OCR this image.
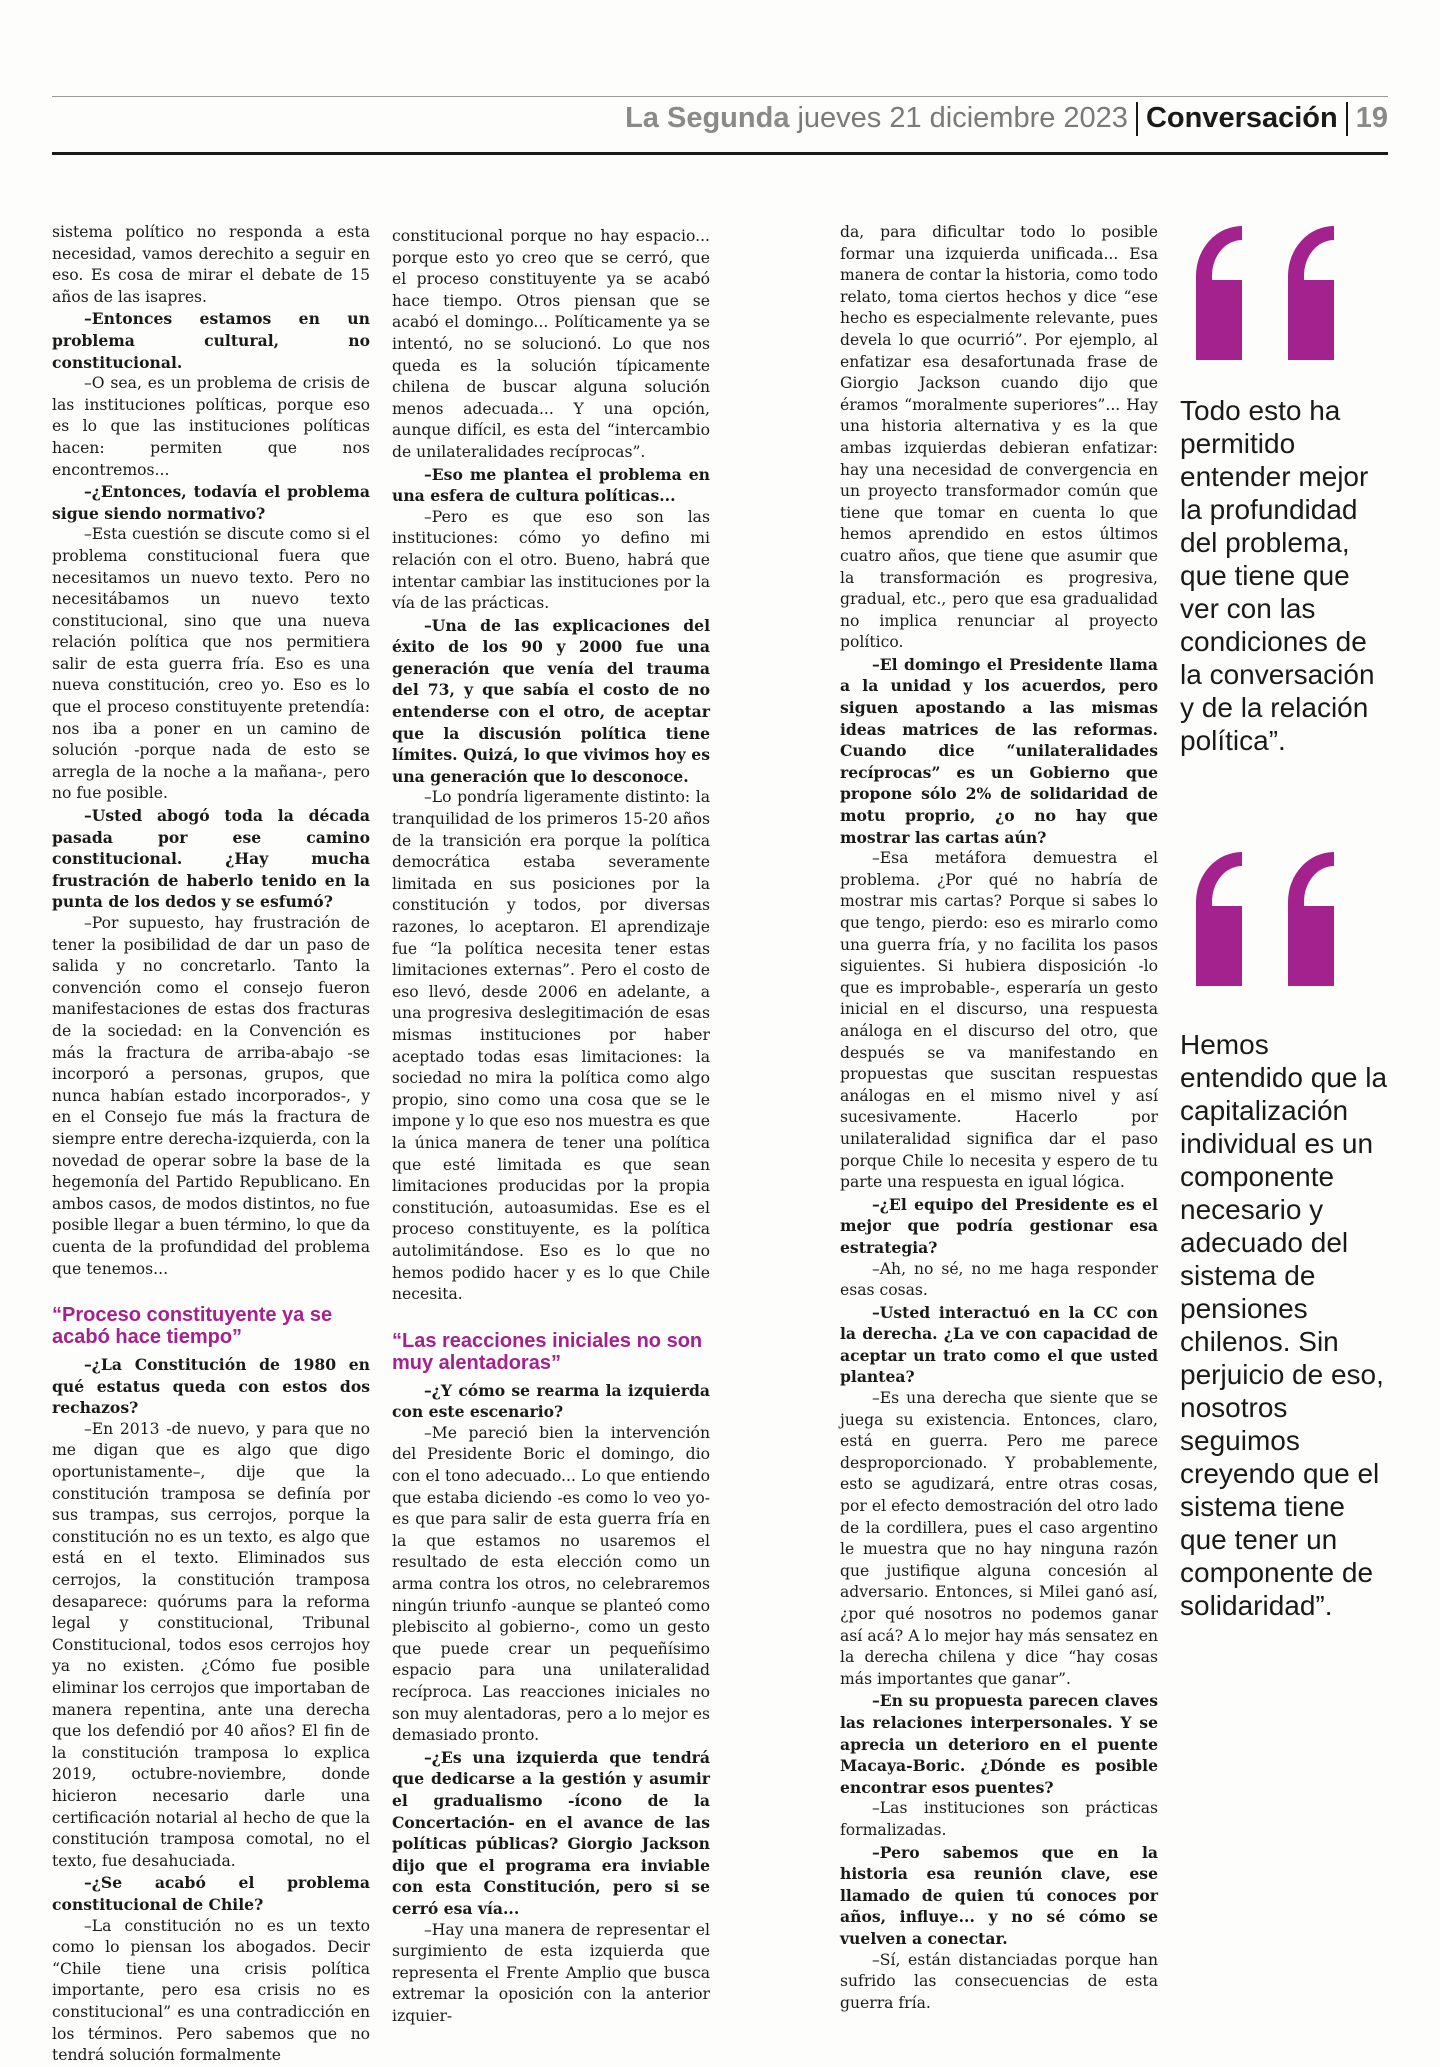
La Segunda jueves 21 diciembre 2023 Conversación 19

sistema político no responda a esta necesidad, vamos derechito a seguir en eso. Es cosa de mirar el debate de 15 años de las isapres.

–Entonces estamos en un problema cultural, no constitucional.

–O sea, es un problema de crisis de las instituciones políticas, porque eso es lo que las instituciones políticas hacen: permiten que nos encontremos...

–¿Entonces, todavía el problema sigue siendo normativo?

–Esta cuestión se discute como si el problema constitucional fuera que necesitamos un nuevo texto. Pero no necesitábamos un nuevo texto constitucional, sino que una nueva relación política que nos permitiera salir de esta guerra fría. Eso es una nueva constitución, creo yo. Eso es lo que el proceso constituyente pretendía: nos iba a poner en un camino de solución -porque nada de esto se arregla de la noche a la mañana-, pero no fue posible.

–Usted abogó toda la década pasada por ese camino constitucional. ¿Hay mucha frustración de haberlo tenido en la punta de los dedos y se esfumó?

–Por supuesto, hay frustración de tener la posibilidad de dar un paso de salida y no concretarlo. Tanto la convención como el consejo fueron manifestaciones de estas dos fracturas de la sociedad: en la Convención es más la fractura de arriba-abajo -se incorporó a personas, grupos, que nunca habían estado incorporados-, y en el Consejo fue más la fractura de siempre entre derecha-izquierda, con la novedad de operar sobre la base de la hegemonía del Partido Republicano. En ambos casos, de modos distintos, no fue posible llegar a buen término, lo que da cuenta de la profundidad del problema que tenemos...

“Proceso constituyente ya se acabó hace tiempo”

–¿La Constitución de 1980 en qué estatus queda con estos dos rechazos?

–En 2013 -de nuevo, y para que no me digan que es algo que digo oportunistamente–, dije que la constitución tramposa se definía por sus trampas, sus cerrojos, porque la constitución no es un texto, es algo que está en el texto. Eliminados sus cerrojos, la constitución tramposa desaparece: quórums para la reforma legal y constitucional, Tribunal Constitucional, todos esos cerrojos hoy ya no existen. ¿Cómo fue posible eliminar los cerrojos que importaban de manera repentina, ante una derecha que los defendió por 40 años? El fin de la constitución tramposa lo explica 2019, octubre-noviembre, donde hicieron necesario darle una certificación notarial al hecho de que la constitución tramposa comotal, no el texto, fue desahuciada.

–¿Se acabó el problema constitucional de Chile?

–La constitución no es un texto como lo piensan los abogados. Decir “Chile tiene una crisis política importante, pero esa crisis no es constitucional” es una contradicción en los términos. Pero sabemos que no tendrá solución formalmente

constitucional porque no hay espacio... porque esto yo creo que se cerró, que el proceso constituyente ya se acabó hace tiempo. Otros piensan que se acabó el domingo... Políticamente ya se intentó, no se solucionó. Lo que nos queda es la solución típicamente chilena de buscar alguna solución menos adecuada... Y una opción, aunque difícil, es esta del “intercambio de unilateralidades recíprocas”.

–Eso me plantea el problema en una esfera de cultura políticas...

–Pero es que eso son las instituciones: cómo yo defino mi relación con el otro. Bueno, habrá que intentar cambiar las instituciones por la vía de las prácticas.

–Una de las explicaciones del éxito de los 90 y 2000 fue una generación que venía del trauma del 73, y que sabía el costo de no entenderse con el otro, de aceptar que la discusión política tiene límites. Quizá, lo que vivimos hoy es una generación que lo desconoce.

–Lo pondría ligeramente distinto: la tranquilidad de los primeros 15-20 años de la transición era porque la política democrática estaba severamente limitada en sus posiciones por la constitución y todos, por diversas razones, lo aceptaron. El aprendizaje fue “la política necesita tener estas limitaciones externas”. Pero el costo de eso llevó, desde 2006 en adelante, a una progresiva deslegitimación de esas mismas instituciones por haber aceptado todas esas limitaciones: la sociedad no mira la política como algo propio, sino como una cosa que se le impone y lo que eso nos muestra es que la única manera de tener una política que esté limitada es que sean limitaciones producidas por la propia constitución, autoasumidas. Ese es el proceso constituyente, es la política autolimitándose. Eso es lo que no hemos podido hacer y es lo que Chile necesita.

“Las reacciones iniciales no son muy alentadoras”

–¿Y cómo se rearma la izquierda con este escenario?

–Me pareció bien la intervención del Presidente Boric el domingo, dio con el tono adecuado... Lo que entiendo que estaba diciendo -es como lo veo yo- es que para salir de esta guerra fría en la que estamos no usaremos el resultado de esta elección como un arma contra los otros, no celebraremos ningún triunfo -aunque se planteó como plebiscito al gobierno-, como un gesto que puede crear un pequeñísimo espacio para una unilateralidad recíproca. Las reacciones iniciales no son muy alentadoras, pero a lo mejor es demasiado pronto.

–¿Es una izquierda que tendrá que dedicarse a la gestión y asumir el gradualismo -ícono de la Concertación- en el avance de las políticas públicas? Giorgio Jackson dijo que el programa era inviable con esta Constitución, pero si se cerró esa vía...

–Hay una manera de representar el surgimiento de esta izquierda que representa el Frente Amplio que busca extremar la oposición con la anterior izquier-

da, para dificultar todo lo posible formar una izquierda unificada... Esa manera de contar la historia, como todo relato, toma ciertos hechos y dice “ese hecho es especialmente relevante, pues devela lo que ocurrió”. Por ejemplo, al enfatizar esa desafortunada frase de Giorgio Jackson cuando dijo que éramos “moralmente superiores”... Hay una historia alternativa y es la que ambas izquierdas debieran enfatizar: hay una necesidad de convergencia en un proyecto transformador común que tiene que tomar en cuenta lo que hemos aprendido en estos últimos cuatro años, que tiene que asumir que la transformación es progresiva, gradual, etc., pero que esa gradualidad no implica renunciar al proyecto político.

–El domingo el Presidente llama a la unidad y los acuerdos, pero siguen apostando a las mismas ideas matrices de las reformas. Cuando dice “unilateralidades recíprocas” es un Gobierno que propone sólo 2% de solidaridad de motu proprio, ¿o no hay que mostrar las cartas aún?

–Esa metáfora demuestra el problema. ¿Por qué no habría de mostrar mis cartas? Porque si sabes lo que tengo, pierdo: eso es mirarlo como una guerra fría, y no facilita los pasos siguientes. Si hubiera disposición -lo que es improbable-, esperaría un gesto inicial en el discurso, una respuesta análoga en el discurso del otro, que después se va manifestando en propuestas que suscitan respuestas análogas en el mismo nivel y así sucesivamente. Hacerlo por unilateralidad significa dar el paso porque Chile lo necesita y espero de tu parte una respuesta en igual lógica.

–¿El equipo del Presidente es el mejor que podría gestionar esa estrategia?

–Ah, no sé, no me haga responder esas cosas.

–Usted interactuó en la CC con la derecha. ¿La ve con capacidad de aceptar un trato como el que usted plantea?

–Es una derecha que siente que se juega su existencia. Entonces, claro, está en guerra. Pero me parece desproporcionado. Y probablemente, esto se agudizará, entre otras cosas, por el efecto demostración del otro lado de la cordillera, pues el caso argentino le muestra que no hay ninguna razón que justifique alguna concesión al adversario. Entonces, si Milei ganó así, ¿por qué nosotros no podemos ganar así acá? A lo mejor hay más sensatez en la derecha chilena y dice “hay cosas más importantes que ganar”.

–En su propuesta parecen claves las relaciones interpersonales. Y se aprecia un deterioro en el puente Macaya-Boric. ¿Dónde es posible encontrar esos puentes?

–Las instituciones son prácticas formalizadas.

–Pero sabemos que en la historia esa reunión clave, ese llamado de quien tú conoces por años, influye... y no sé cómo se vuelven a conectar.

–Sí, están distanciadas porque han sufrido las consecuencias de esta guerra fría.

Todo esto ha permitido entender mejor la profundidad del problema, que tiene que ver con las condiciones de la conversación y de la relación política”.
Hemos entendido que la capitalización individual es un componente necesario y adecuado del sistema de pensiones chilenos. Sin perjuicio de eso, nosotros seguimos creyendo que el sistema tiene que tener un componente de solidaridad”.
